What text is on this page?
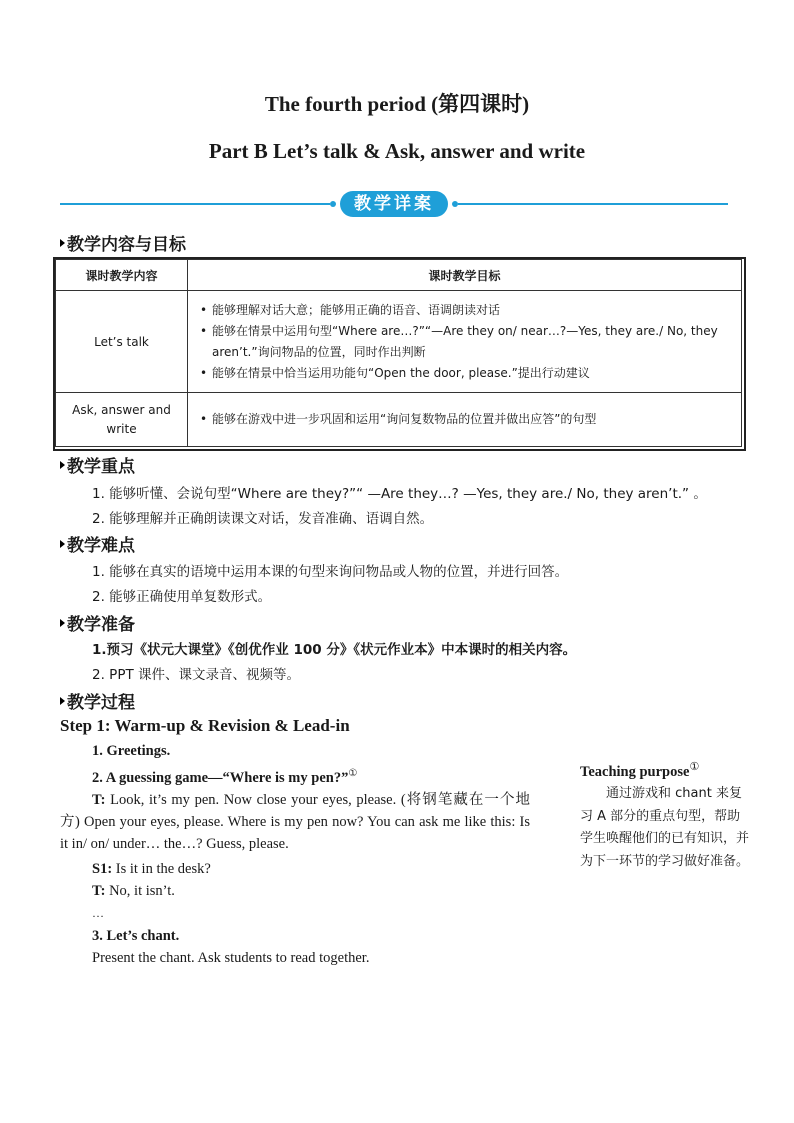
The fourth period (第四课时)
Part B Let’s talk & Ask, answer and write
教学详案
教学内容与目标
课时教学内容	课时教学目标
Let’s talk	• 能够理解对话大意；能够用正确的语音、语调朗读对话
• 能够在情景中运用句型“Where are…?”“—Are they on/ near…?—Yes, they are./ No, they aren’t.”询问物品的位置，同时作出判断
• 能够在情景中恰当运用功能句“Open the door, please.”提出行动建议

Ask, answer and write	• 能够在游戏中进一步巩固和运用“询问复数物品的位置并做出应答”的句型
教学重点
1. 能够听懂、会说句型“Where are they?”“ —Are they…? —Yes, they are./ No, they aren’t.” 。
2. 能够理解并正确朗读课文对话，发音准确、语调自然。
教学难点
1. 能够在真实的语境中运用本课的句型来询问物品或人物的位置，并进行回答。
2. 能够正确使用单复数形式。
教学准备
1.预习《状元大课堂》《创优作业 100 分》《状元作业本》中本课时的相关内容。
2. PPT 课件、课文录音、视频等。
教学过程
Step 1: Warm-up & Revision & Lead-in
1. Greetings.
2. A guessing game—“Where is my pen?”①
T: Look, it’s my pen. Now close your eyes, please. (将钢笔藏在一个地方) Open your eyes, please. Where is my pen now? You can ask me like this: Is it in/ on/ under… the…? Guess, please.
S1: Is it in the desk?
T: No, it isn’t.
…
3. Let’s chant.
Present the chant. Ask students to read together.
Teaching purpose①
通过游戏和 chant 来复习 A 部分的重点句型，帮助学生唤醒他们的已有知识，并为下一环节的学习做好准备。
